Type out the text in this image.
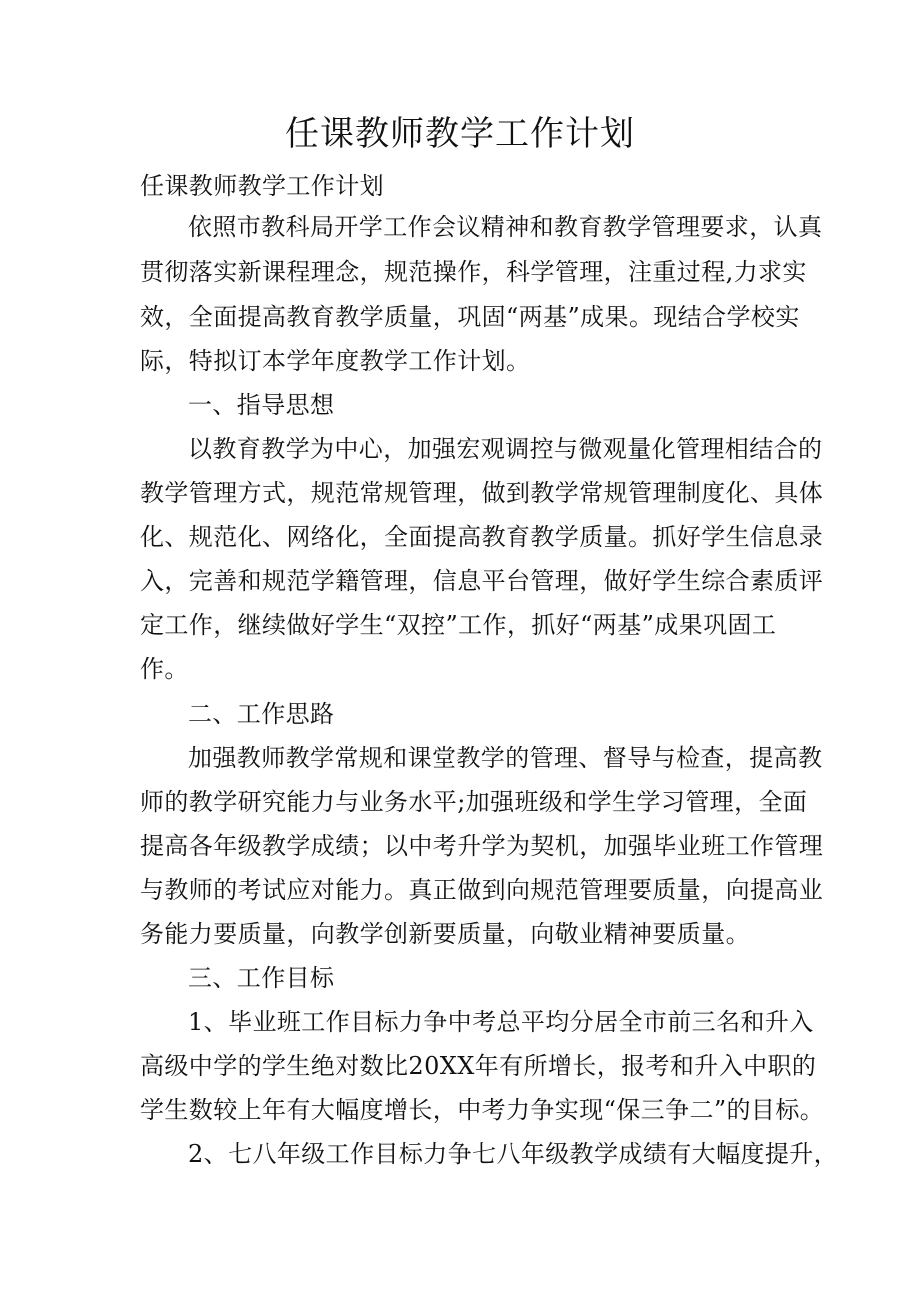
任课教师教学工作计划
任课教师教学工作计划
依照市教科局开学工作会议精神和教育教学管理要求，认真
贯彻落实新课程理念，规范操作，科学管理，注重过程,力求实
效，全面提高教育教学质量，巩固“两基”成果。现结合学校实
际，特拟订本学年度教学工作计划。
一、指导思想
以教育教学为中心，加强宏观调控与微观量化管理相结合的
教学管理方式，规范常规管理，做到教学常规管理制度化、具体
化、规范化、网络化，全面提高教育教学质量。抓好学生信息录
入，完善和规范学籍管理，信息平台管理，做好学生综合素质评
定工作，继续做好学生“双控”工作，抓好“两基”成果巩固工
作。
二、工作思路
加强教师教学常规和课堂教学的管理、督导与检查，提高教
师的教学研究能力与业务水平;加强班级和学生学习管理，全面
提高各年级教学成绩；以中考升学为契机，加强毕业班工作管理
与教师的考试应对能力。真正做到向规范管理要质量，向提高业
务能力要质量，向教学创新要质量，向敬业精神要质量。
三、工作目标
1、毕业班工作目标力争中考总平均分居全市前三名和升入
高级中学的学生绝对数比20XX年有所增长，报考和升入中职的
学生数较上年有大幅度增长，中考力争实现“保三争二”的目标。
2、七八年级工作目标力争七八年级教学成绩有大幅度提升，
